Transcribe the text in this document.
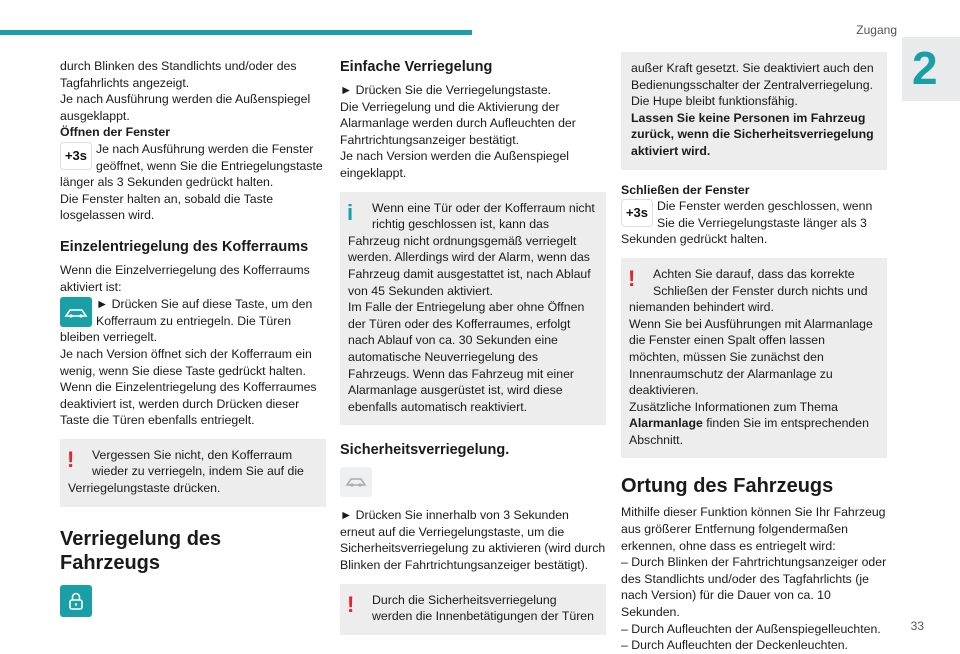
Zugang
2
33

durch Blinken des Standlichts und/oder des Tagfahrlichts angezeigt.

Je nach Ausführung werden die Außenspiegel ausgeklappt.

Öffnen der Fenster

+3s Je nach Ausführung werden die Fenster geöffnet, wenn Sie die Entriegelungstaste

länger als 3 Sekunden gedrückt halten.

Die Fenster halten an, sobald die Taste losgelassen wird.

Einzelentriegelung des Kofferraums

Wenn die Einzelverriegelung des Kofferraums aktiviert ist:

► Drücken Sie auf diese Taste, um den Kofferraum zu entriegeln. Die Türen

bleiben verriegelt.

Je nach Version öffnet sich der Kofferraum ein wenig, wenn Sie diese Taste gedrückt halten.

Wenn die Einzelentriegelung des Kofferraumes deaktiviert ist, werden durch Drücken dieser Taste die Türen ebenfalls entriegelt.

! Vergessen Sie nicht, den Kofferraum wieder zu verriegeln, indem Sie auf die

Verriegelungstaste drücken.

Verriegelung des Fahrzeugs

Einfache Verriegelung

► Drücken Sie die Verriegelungstaste.

Die Verriegelung und die Aktivierung der Alarmanlage werden durch Aufleuchten der Fahrtrichtungsanzeiger bestätigt.

Je nach Version werden die Außenspiegel eingeklappt.

i Wenn eine Tür oder der Kofferraum nicht richtig geschlossen ist, kann das

Fahrzeug nicht ordnungsgemäß verriegelt werden. Allerdings wird der Alarm, wenn das Fahrzeug damit ausgestattet ist, nach Ablauf von 45 Sekunden aktiviert.

Im Falle der Entriegelung aber ohne Öffnen der Türen oder des Kofferraumes, erfolgt nach Ablauf von ca. 30 Sekunden eine automatische Neuverriegelung des Fahrzeugs. Wenn das Fahrzeug mit einer Alarmanlage ausgerüstet ist, wird diese ebenfalls automatisch reaktiviert.

Sicherheitsverriegelung.

► Drücken Sie innerhalb von 3 Sekunden erneut auf die Verriegelungstaste, um die Sicherheitsverriegelung zu aktivieren (wird durch Blinken der Fahrtrichtungsanzeiger bestätigt).

! Durch die Sicherheitsverriegelung werden die Innenbetätigungen der Türen

außer Kraft gesetzt. Sie deaktiviert auch den Bedienungsschalter der Zentralverriegelung. Die Hupe bleibt funktionsfähig.

Lassen Sie keine Personen im Fahrzeug zurück, wenn die Sicherheitsverriegelung aktiviert wird.

Schließen der Fenster

+3s Die Fenster werden geschlossen, wenn Sie die Verriegelungstaste länger als 3

Sekunden gedrückt halten.

! Achten Sie darauf, dass das korrekte Schließen der Fenster durch nichts und

niemanden behindert wird.

Wenn Sie bei Ausführungen mit Alarmanlage die Fenster einen Spalt offen lassen möchten, müssen Sie zunächst den Innenraumschutz der Alarmanlage zu deaktivieren.

Zusätzliche Informationen zum Thema
Alarmanlage finden Sie im entsprechenden Abschnitt.

Ortung des Fahrzeugs

Mithilfe dieser Funktion können Sie Ihr Fahrzeug aus größerer Entfernung folgendermaßen erkennen, ohne dass es entriegelt wird:

– Durch Blinken der Fahrtrichtungsanzeiger oder des Standlichts und/oder des Tagfahrlichts (je nach Version) für die Dauer von ca. 10 Sekunden.

– Durch Aufleuchten der Außenspiegelleuchten.

– Durch Aufleuchten der Deckenleuchten.
